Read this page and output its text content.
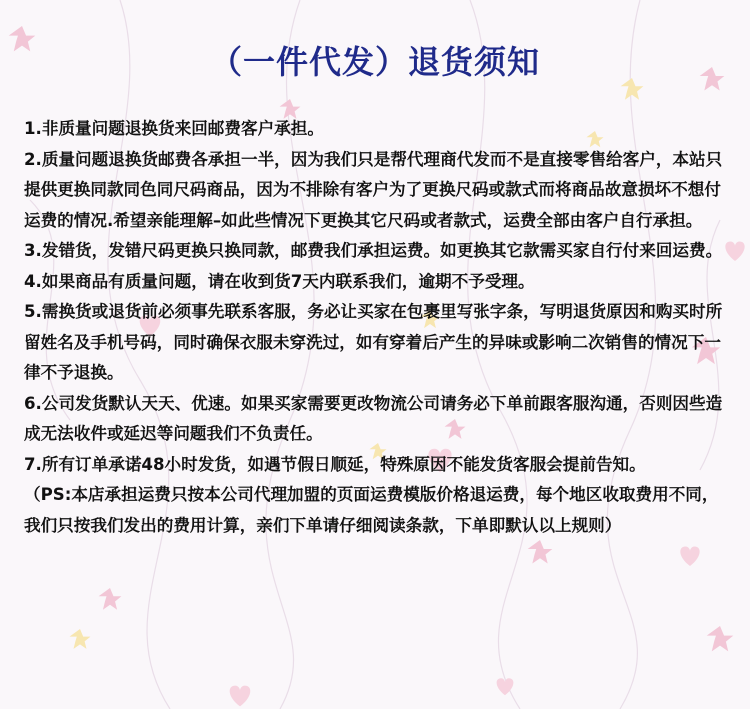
（一件代发）退货须知

1.非质量问题退换货来回邮费客户承担。

2.质量问题退换货邮费各承担一半，因为我们只是帮代理商代发而不是直接零售给客户，本站只提供更换同款同色同尺码商品，因为不排除有客户为了更换尺码或款式而将商品故意损坏不想付运费的情况.希望亲能理解–如此些情况下更换其它尺码或者款式，运费全部由客户自行承担。

3.发错货，发错尺码更换只换同款，邮费我们承担运费。如更换其它款需买家自行付来回运费。

4.如果商品有质量问题，请在收到货7天内联系我们，逾期不予受理。

5.需换货或退货前必须事先联系客服，务必让买家在包裹里写张字条，写明退货原因和购买时所留姓名及手机号码，同时确保衣服未穿洗过，如有穿着后产生的异味或影响二次销售的情况下一律不予退换。

6.公司发货默认天天、优速。如果买家需要更改物流公司请务必下单前跟客服沟通，否则因些造成无法收件或延迟等问题我们不负责任。

7.所有订单承诺48小时发货，如遇节假日顺延，特殊原因不能发货客服会提前告知。

（PS:本店承担运费只按本公司代理加盟的页面运费模版价格退运费，每个地区收取费用不同，我们只按我们发出的费用计算，亲们下单请仔细阅读条款，下单即默认以上规则）
